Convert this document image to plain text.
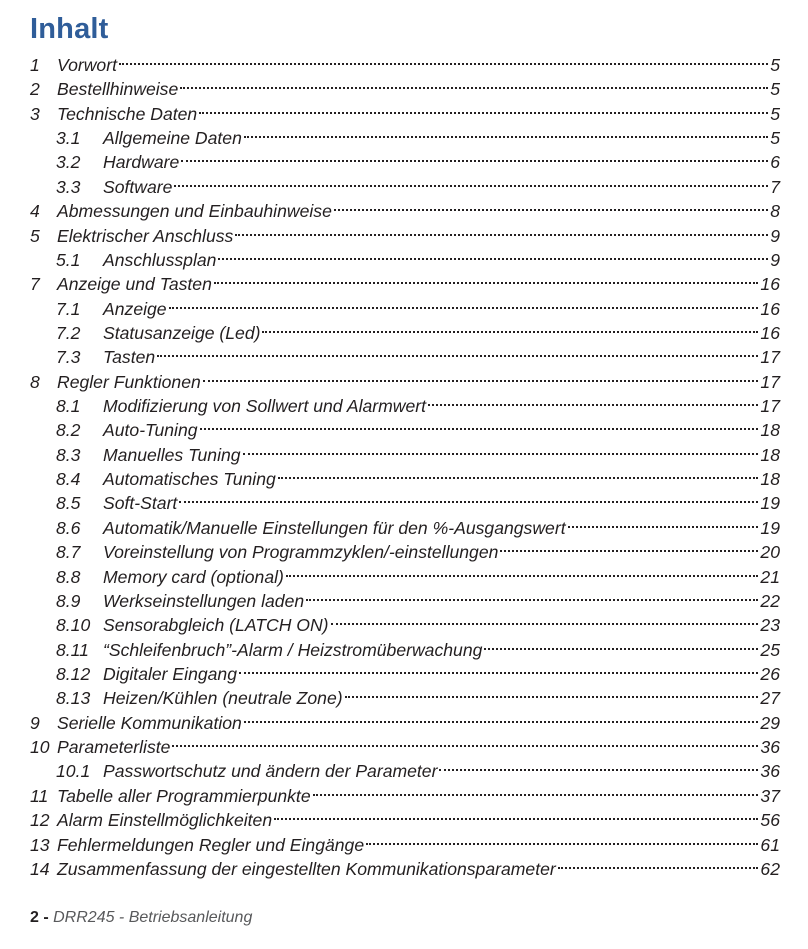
Inhalt
1 Vorwort	5
2 Bestellhinweise	5
3 Technische Daten	5
3.1	Allgemeine Daten	5
3.2	Hardware	6
3.3	Software	7
4 Abmessungen und Einbauhinweise	8
5 Elektrischer Anschluss	9
5.1	Anschlussplan	9
7 Anzeige und Tasten	16
7.1	Anzeige	16
7.2	Statusanzeige (Led)	16
7.3	Tasten	17
8 Regler Funktionen	17
8.1	Modifizierung von Sollwert und Alarmwert	17
8.2	Auto-Tuning	18
8.3	Manuelles Tuning	18
8.4	Automatisches Tuning	18
8.5	Soft-Start	19
8.6	Automatik/Manuelle Einstellungen für den %-Ausgangswert	19
8.7	Voreinstellung von Programmzyklen/-einstellungen	20
8.8	Memory card (optional)	21
8.9	Werkseinstellungen laden	22
8.10 Sensorabgleich (LATCH ON)	23
8.11 “Schleifenbruch”-Alarm / Heizstromüberwachung	25
8.12 Digitaler Eingang	26
8.13 Heizen/Kühlen (neutrale Zone)	27
9 Serielle Kommunikation	29
10 Parameterliste	36
10.1 Passwortschutz und ändern der Parameter	36
11 Tabelle aller Programmierpunkte	37
12 Alarm Einstellmöglichkeiten	56
13 Fehlermeldungen Regler und Eingänge	61
14 Zusammenfassung der eingestellten Kommunikationsparameter	62
2 - DRR245 - Betriebsanleitung
